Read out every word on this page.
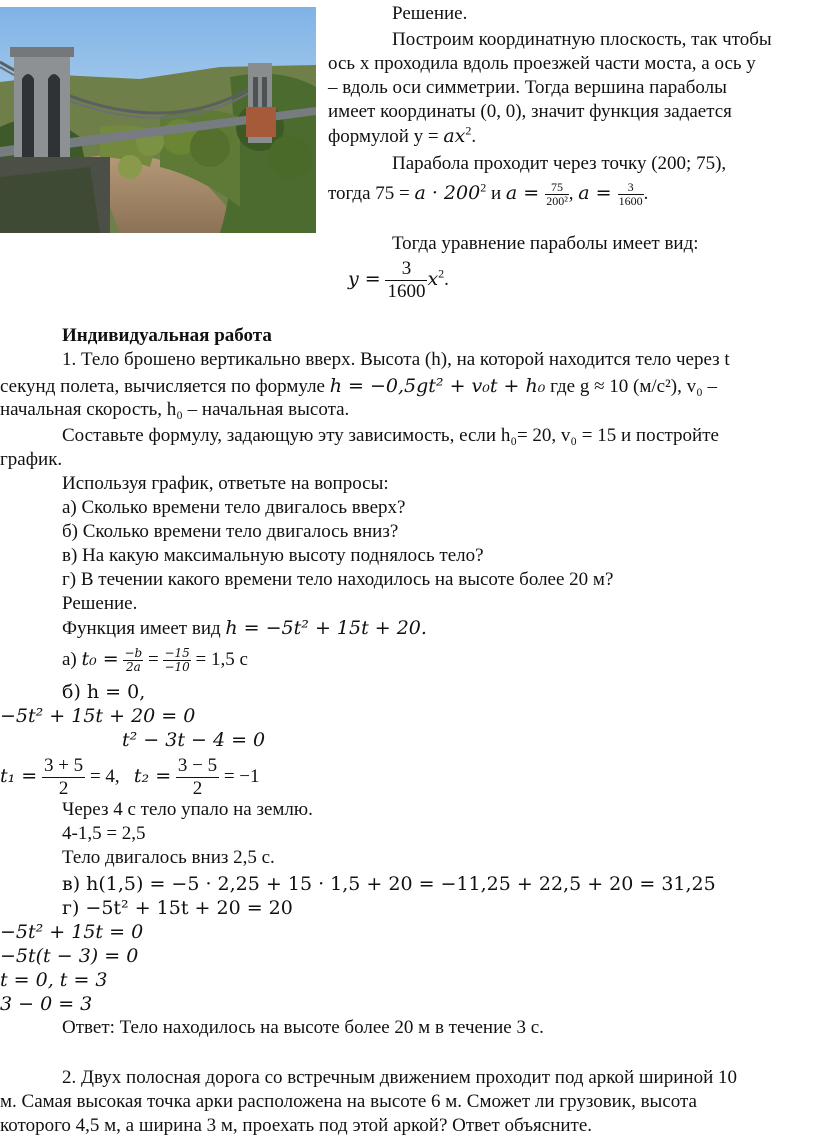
Решение.
Построим координатную плоскость, так чтобы
ось х проходила вдоль проезжей части моста, а ось у
– вдоль оси симметрии. Тогда вершина параболы
имеет координаты (0, 0), значит функция задается
формулой $у = ax^2$.
Парабола проходит через точку (200; 75),
тогда $75 = a \cdot 200^2$ и $a = \frac{75}{\text{200²}}$ , $a = \frac{3}{1600}$ .
Тогда уравнение параболы имеет вид:
$y = \frac{3}{1600} x^2$.
Индивидуальная работа
1. Тело брошено вертикально вверх. Высота (h), на которой находится тело через t
секунд полета, вычисляется по формуле h = −0,5gt² + v₀t + h₀ где g ≈ 10 (м/с²), v₀ –
начальная скорость, h₀ – начальная высота.
Составьте формулу, задающую эту зависимость, если h₀= 20, v₀ = 15 и постройте
график.
Используя график, ответьте на вопросы:
а) Сколько времени тело двигалось вверх?
б) Сколько времени тело двигалось вниз?
в) На какую максимальную высоту поднялось тело?
г) В течении какого времени тело находилось на высоте более 20 м?
Решение.
Функция имеет вид h = −5t² + 15t + 20.
а) $t_0 = \frac{-b}{2a} = \frac{-15}{-10} = 1,5$ с
б) h = 0,
−5t² + 15t + 20 = 0
t² − 3t − 4 = 0
$t_1 = \frac{3 + 5}{2} = 4$, $t_2 = \frac{3 - 5}{2} = -1$
Через 4 с тело упало на землю.
4-1,5 = 2,5
Тело двигалось вниз 2,5 с.
в) h(1,5) = −5 · 2,25 + 15 · 1,5 + 20 = −11,25 + 22,5 + 20 = 31,25
г) −5t² + 15t + 20 = 20
−5t² + 15t = 0
−5t(t − 3) = 0
t = 0, t = 3
3 − 0 = 3
Ответ: Тело находилось на высоте более 20 м в течение 3 с.
2. Двух полосная дорога со встречным движением проходит под аркой шириной 10
м. Самая высокая точка арки расположена на высоте 6 м. Сможет ли грузовик, высота
которого 4,5 м, а ширина 3 м, проехать под этой аркой? Ответ объясните.
